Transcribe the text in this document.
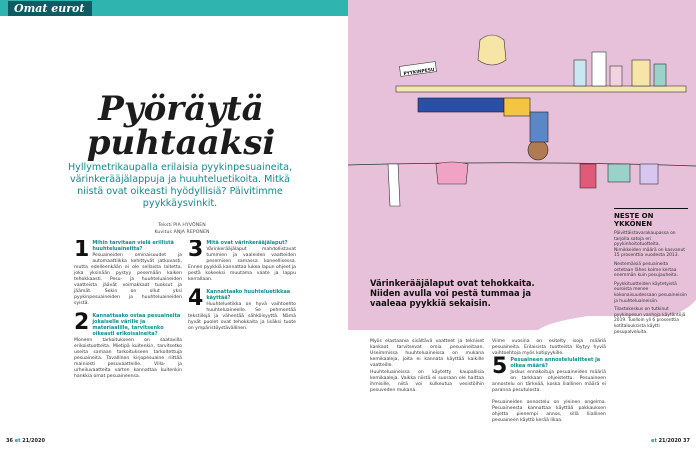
Omat eurot
Pyöräytä
puhtaaksi
Hyllymetrikaupalla erilaisia pyykinpesuaineita, värinkerääjälappuja ja huuhteluetikoita. Mitkä niistä ovat oikeasti hyödyllisiä? Päivitimme pyykkäysvinkit.
Teksti PIA HYVÖNEN
Kuvitus ANJA REPONEN
1 Mihin tarvitaan vielä erillistä huuhteluaineitta?

Pesuaineiden ominaisuudet ja automaattiikka kehittyvät jatkuvasti, mutta edelleenkään ei ole sellaista laitetta, joka yksinään pystyy pesemään kaiken tehokkaasti. Pesu- ja huuhteluaineiden vaatteista jäävät voimakkaat tuoksut ja jäämät. Sekin on ollut yksi pyykinpesuaineiden ja huuhteluaineiden syistä.

2 Kannattaako ostaa pesuaineita jokaiselle värille ja materiaalille, tarvitsenko oikeasti erikoisaineita?

Moneen tarkoitukseen on saatavilla erikoistuotteita. Mietipä kuitenkin, tarvitsetko useita samaan tarkoitukseen tarkoitettuja pesuaineita. Tavallinen kirjopesuaine riittää mainiosti pesuvaatteille. Villa- ja urheiluvaatteita varten kannattaa kuitenkin hankkia omat pesuaineensa.

3 Mitä ovat värinkerääjälaput?

Värinkerääjälaput mahdollistavat tummien ja vaaleiden vaatteiden pesemisen samassa koneellisessa. Ennen pyykkiä kannattaa lukea lapun ohjeet ja pestä kokeeksi muutama vaate ja lappu kerrallaan.

4 Kannattaako huuhteluetikkaa käyttää?

Huuhteluetikka on hyvä vaihtoehto huuhteluaineelle. Se pehmentää tekstiilejä ja vähentää sähköisyyttä. Nämä hyvät puolet ovat tehokkaita ja lisäksi tuote on ympäristöystävällinen.

36 et 21/2020
PYYKINPESU
Värinkerääjälaput ovat tehokkaita. Niiden avulla voi pestä tummaa ja vaaleaa pyykkiä sekaisin.

Myös elastaania sisältävä vaatteet ja tekniset kankaat tarvitsevat omia pesuaineitaan. Useimmissa huuhteluaineissa on mukana kemikaaleja, joita ei kannata käyttää kaikille vaatteille.

Huuhteluaineissa on käytetty kaupallisia kemikaaleja. Vaikka niistä ei suoraan ole haittaa ihmisille, niitä voi kulkeutua vesistöihin pesuveden mukana.

Viime vuosina on esitelty isoja määriä pesuaineita. Erilaisista tuotteista löytyy hyviä vaihtoehtoja myös kotipyykille.

5 Pesuaineen annostelulaitteet ja oikea määrä?

Joskus ennakoituja pesuaineiden määriä on tarkkaan ohjeistettu. Pesuaineen annostelu on tärkeää, koska liiallinen määrä ei paranna pesutulosta.

Pesuaineiden annostelu on yleinen ongelma. Pesuaineesta kannattaa käyttää pakkauksen ohjetta pienempi annos, sillä liiallinen pesuaineen käyttö kerää likaa.

NESTE ON YKKÖNEN
Päivittäistavarakaupassa on tarjolla satoja eri pyykinhoitotuotteita. Nimikkeiden määrä on kasvanut 15 prosenttia vuodesta 2013.
Nestemäisiä pesuaineita ostetaan lähes kolme kertaa enemmän kuin pesujauheita.
Pyykkituotteiden käytetyistä euroista menee kokonaisuudessaan pesuaineisiin ja huuhteluaineisiin.
Tilastokeskus on tutkinut pyykinpesun vanhoja käytäntöjä 2019. Tuolloin yli 6 prosenttia kotitalouksista käytti pesupalveluita.
et 21/2020 37
